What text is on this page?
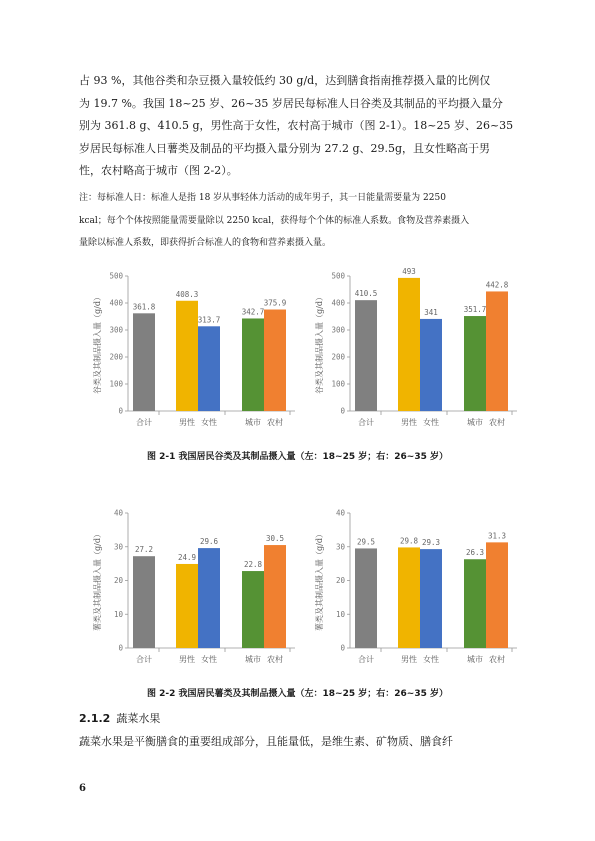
占 93 %，其他谷类和杂豆摄入量较低约 30 g/d，达到膳食指南推荐摄入量的比例仅
为 19.7 %。我国 18~25 岁、26~35 岁居民每标准人日谷类及其制品的平均摄入量分
别为 361.8 g、410.5 g，男性高于女性，农村高于城市（图 2-1）。18~25 岁、26~35
岁居民每标准人日薯类及制品的平均摄入量分别为 27.2 g、29.5g，且女性略高于男
性，农村略高于城市（图 2-2）。
注：每标准人日：标准人是指 18 岁从事轻体力活动的成年男子，其一日能量需要量为 2250
kcal；每个个体按照能量需要量除以 2250 kcal，获得每个个体的标准人系数。食物及营养素摄入
量除以标准人系数，即获得折合标准人的食物和营养素摄入量。
谷类及其制品摄入量（g/d）
0
100
200
300
400
500
361.8
合计
408.3
男性
313.7
女性
342.7
城市
375.9
农村
谷类及其制品摄入量（g/d）
0
100
200
300
400
500
410.5
合计
493
男性
341
女性
351.7
城市
442.8
农村
图 2-1 我国居民谷类及其制品摄入量（左：18~25 岁；右：26~35 岁）
薯类及其制品摄入量（g/d）
0
10
20
30
40
27.2
合计
24.9
男性
29.6
女性
22.8
城市
30.5
农村
薯类及其制品摄入量（g/d）
0
10
20
30
40
29.5
合计
29.8
男性
29.3
女性
26.3
城市
31.3
农村
图 2-2 我国居民薯类及其制品摄入量（左：18~25 岁；右：26~35 岁）
2.1.2 蔬菜水果
蔬菜水果是平衡膳食的重要组成部分，且能量低，是维生素、矿物质、膳食纤
6
